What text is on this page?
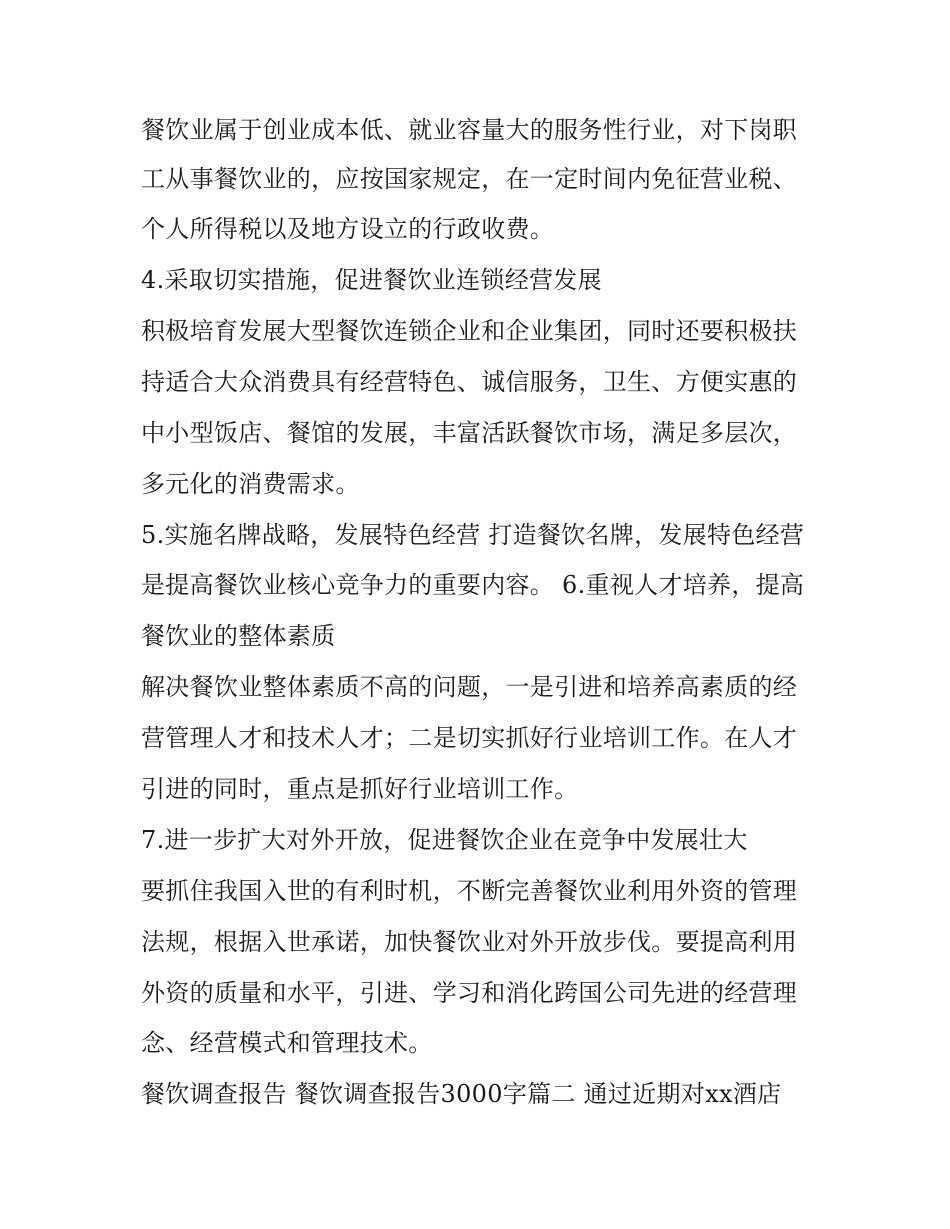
餐饮业属于创业成本低、就业容量大的服务性行业，对下岗职
工从事餐饮业的，应按国家规定，在一定时间内免征营业税、
个人所得税以及地方设立的行政收费。
4.采取切实措施，促进餐饮业连锁经营发展
积极培育发展大型餐饮连锁企业和企业集团，同时还要积极扶
持适合大众消费具有经营特色、诚信服务，卫生、方便实惠的
中小型饭店、餐馆的发展，丰富活跃餐饮市场，满足多层次，
多元化的消费需求。
5.实施名牌战略，发展特色经营 打造餐饮名牌，发展特色经营
是提高餐饮业核心竞争力的重要内容。 6.重视人才培养，提高
餐饮业的整体素质
解决餐饮业整体素质不高的问题，一是引进和培养高素质的经
营管理人才和技术人才；二是切实抓好行业培训工作。在人才
引进的同时，重点是抓好行业培训工作。
7.进一步扩大对外开放，促进餐饮企业在竞争中发展壮大
要抓住我国入世的有利时机，不断完善餐饮业利用外资的管理
法规，根据入世承诺，加快餐饮业对外开放步伐。要提高利用
外资的质量和水平，引进、学习和消化跨国公司先进的经营理
念、经营模式和管理技术。
餐饮调查报告 餐饮调查报告3000字篇二 通过近期对xx酒店
